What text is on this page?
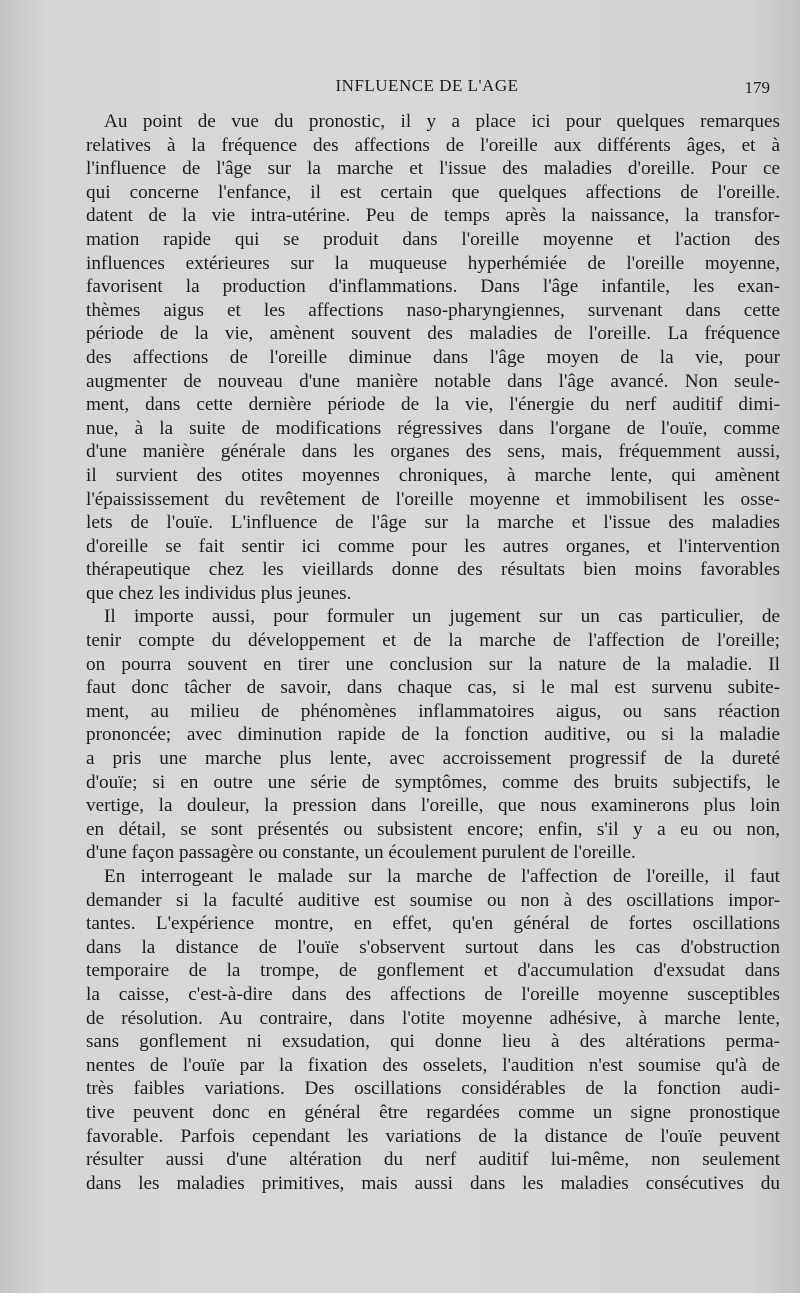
INFLUENCE DE L'AGE	179
Au point de vue du pronostic, il y a place ici pour quelques remarques
relatives à la fréquence des affections de l'oreille aux différents âges, et à
l'influence de l'âge sur la marche et l'issue des maladies d'oreille. Pour ce
qui concerne l'enfance, il est certain que quelques affections de l'oreille.
datent de la vie intra-utérine. Peu de temps après la naissance, la transfor-
mation rapide qui se produit dans l'oreille moyenne et l'action des
influences extérieures sur la muqueuse hyperhémiée de l'oreille moyenne,
favorisent la production d'inflammations. Dans l'âge infantile, les exan-
thèmes aigus et les affections naso-pharyngiennes, survenant dans cette
période de la vie, amènent souvent des maladies de l'oreille. La fréquence
des affections de l'oreille diminue dans l'âge moyen de la vie, pour
augmenter de nouveau d'une manière notable dans l'âge avancé. Non seule-
ment, dans cette dernière période de la vie, l'énergie du nerf auditif dimi-
nue, à la suite de modifications régressives dans l'organe de l'ouïe, comme
d'une manière générale dans les organes des sens, mais, fréquemment aussi,
il survient des otites moyennes chroniques, à marche lente, qui amènent
l'épaississement du revêtement de l'oreille moyenne et immobilisent les osse-
lets de l'ouïe. L'influence de l'âge sur la marche et l'issue des maladies
d'oreille se fait sentir ici comme pour les autres organes, et l'intervention
thérapeutique chez les vieillards donne des résultats bien moins favorables
que chez les individus plus jeunes.
Il importe aussi, pour formuler un jugement sur un cas particulier, de
tenir compte du développement et de la marche de l'affection de l'oreille;
on pourra souvent en tirer une conclusion sur la nature de la maladie. Il
faut donc tâcher de savoir, dans chaque cas, si le mal est survenu subite-
ment, au milieu de phénomènes inflammatoires aigus, ou sans réaction
prononcée; avec diminution rapide de la fonction auditive, ou si la maladie
a pris une marche plus lente, avec accroissement progressif de la dureté
d'ouïe; si en outre une série de symptômes, comme des bruits subjectifs, le
vertige, la douleur, la pression dans l'oreille, que nous examinerons plus loin
en détail, se sont présentés ou subsistent encore; enfin, s'il y a eu ou non,
d'une façon passagère ou constante, un écoulement purulent de l'oreille.
En interrogeant le malade sur la marche de l'affection de l'oreille, il faut
demander si la faculté auditive est soumise ou non à des oscillations impor-
tantes. L'expérience montre, en effet, qu'en général de fortes oscillations
dans la distance de l'ouïe s'observent surtout dans les cas d'obstruction
temporaire de la trompe, de gonflement et d'accumulation d'exsudat dans
la caisse, c'est-à-dire dans des affections de l'oreille moyenne susceptibles
de résolution. Au contraire, dans l'otite moyenne adhésive, à marche lente,
sans gonflement ni exsudation, qui donne lieu à des altérations perma-
nentes de l'ouïe par la fixation des osselets, l'audition n'est soumise qu'à de
très faibles variations. Des oscillations considérables de la fonction audi-
tive peuvent donc en général être regardées comme un signe pronostique
favorable. Parfois cependant les variations de la distance de l'ouïe peuvent
résulter aussi d'une altération du nerf auditif lui-même, non seulement
dans les maladies primitives, mais aussi dans les maladies consécutives du
